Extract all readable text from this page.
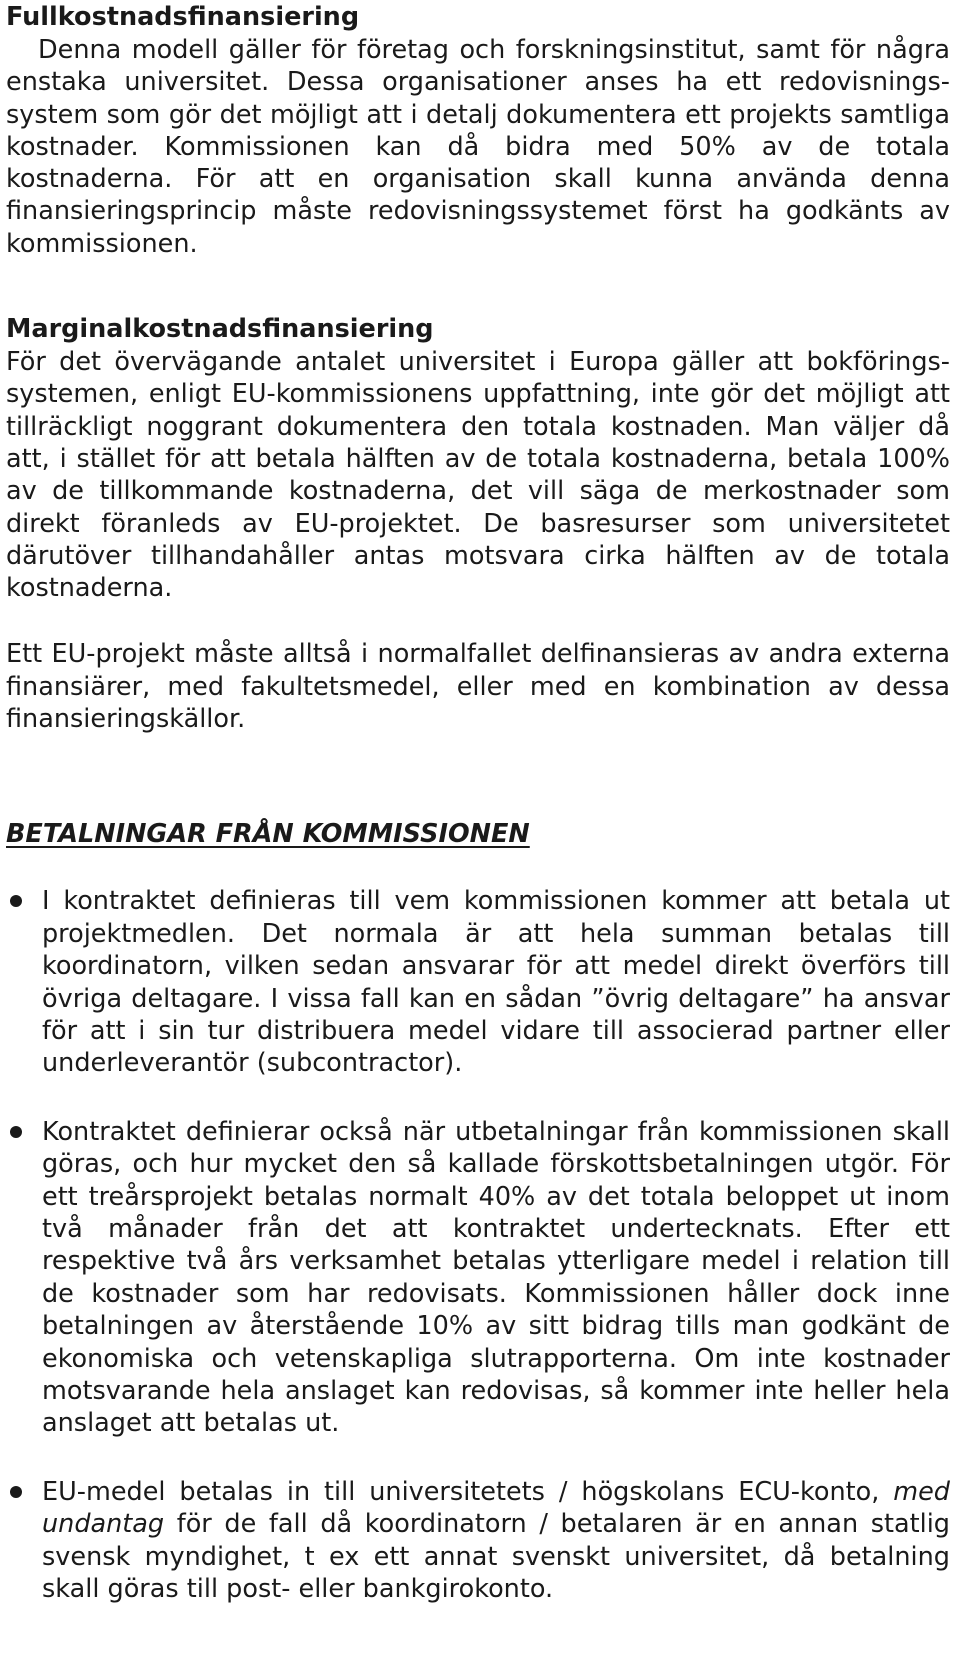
Fullkostnadsfinansiering

Denna modell gäller för företag och forskningsinstitut, samt för några enstaka universitet. Dessa organisationer anses ha ett redovisningssystem som gör det möjligt att i detalj dokumentera ett projekts samtliga kostnader. Kommissionen kan då bidra med 50% av de totala kostnaderna. För att en organisation skall kunna använda denna finansieringsprincip måste redovisningssystemet först ha godkänts av kommissionen.

Marginalkostnadsfinansiering

För det övervägande antalet universitet i Europa gäller att bokföringssystemen, enligt EU-kommissionens uppfattning, inte gör det möjligt att tillräckligt noggrant dokumentera den totala kostnaden. Man väljer då att, i stället för att betala hälften av de totala kostnaderna, betala 100% av de tillkommande kostnaderna, det vill säga de merkostnader som direkt föranleds av EU-projektet. De basresurser som universitetet därutöver tillhandahåller antas motsvara cirka hälften av de totala kostnaderna.

Ett EU-projekt måste alltså i normalfallet delfinansieras av andra externa finansiärer, med fakultetsmedel, eller med en kombination av dessa finansieringskällor.

BETALNINGAR FRÅN KOMMISSIONEN

I kontraktet definieras till vem kommissionen kommer att betala ut projektmedlen. Det normala är att hela summan betalas till koordinatorn, vilken sedan ansvarar för att medel direkt överförs till övriga deltagare. I vissa fall kan en sådan ”övrig deltagare” ha ansvar för att i sin tur distribuera medel vidare till associerad partner eller underleverantör (subcontractor).

Kontraktet definierar också när utbetalningar från kommissionen skall göras, och hur mycket den så kallade förskottsbetalningen utgör. För ett treårsprojekt betalas normalt 40% av det totala beloppet ut inom två månader från det att kontraktet undertecknats. Efter ett respektive två års verksamhet betalas ytterligare medel i relation till de kostnader som har redovisats. Kommissionen håller dock inne betalningen av återstående 10% av sitt bidrag tills man godkänt de ekonomiska och vetenskapliga slutrapporterna. Om inte kostnader motsvarande hela anslaget kan redovisas, så kommer inte heller hela anslaget att betalas ut.

EU-medel betalas in till universitetets / högskolans ECU-konto, med undantag för de fall då koordinatorn / betalaren är en annan statlig svensk myndighet, t ex ett annat svenskt universitet, då betalning skall göras till post- eller bankgirokonto.
